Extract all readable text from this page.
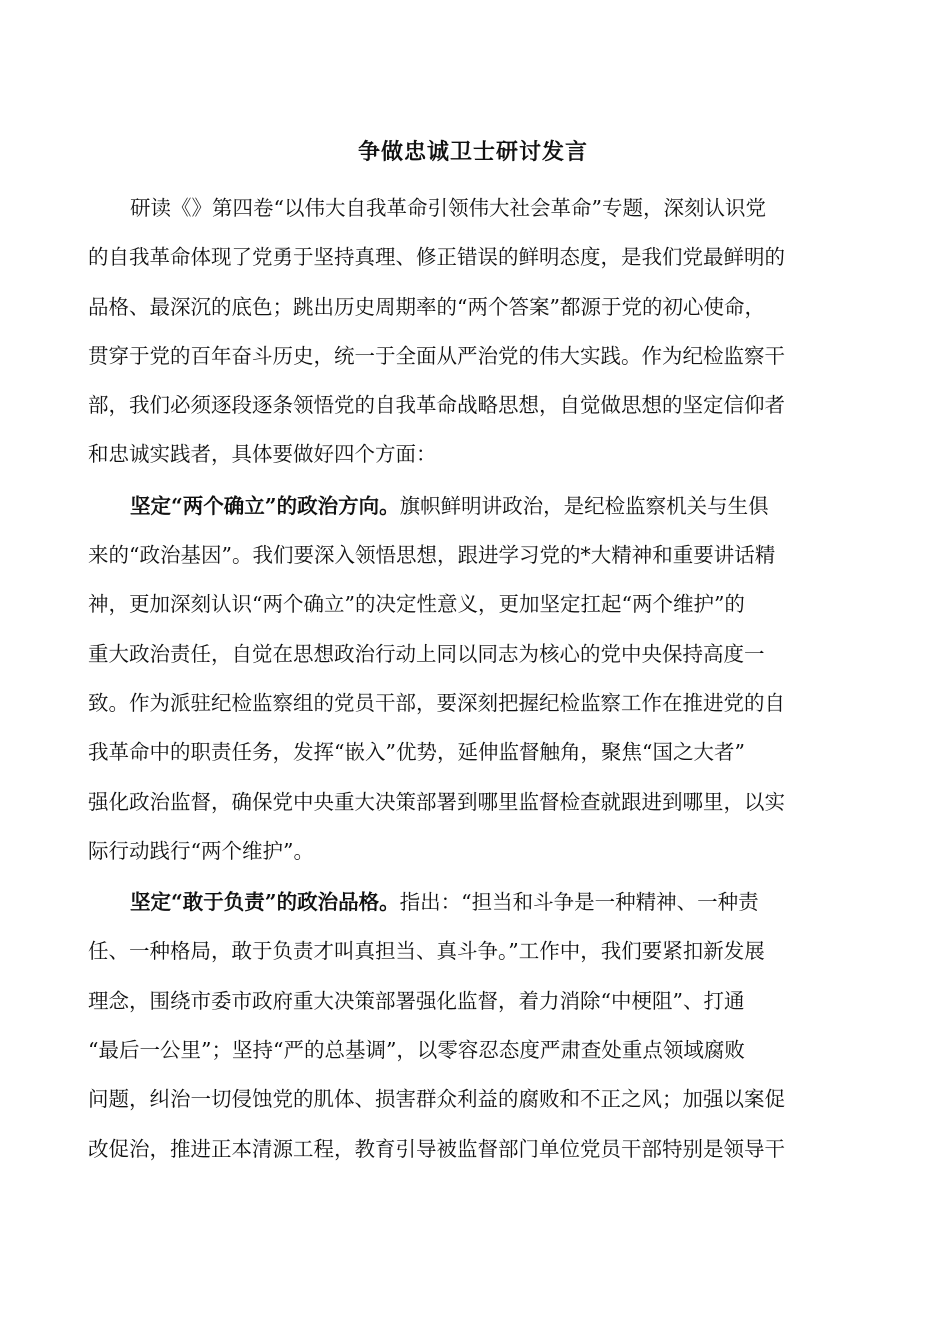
争做忠诚卫士研讨发言
研读《》第四卷“以伟大自我革命引领伟大社会革命”专题，深刻认识党
的自我革命体现了党勇于坚持真理、修正错误的鲜明态度，是我们党最鲜明的
品格、最深沉的底色；跳出历史周期率的“两个答案”都源于党的初心使命，
贯穿于党的百年奋斗历史，统一于全面从严治党的伟大实践。作为纪检监察干
部，我们必须逐段逐条领悟党的自我革命战略思想，自觉做思想的坚定信仰者
和忠诚实践者，具体要做好四个方面：
坚定“两个确立”的政治方向。旗帜鲜明讲政治，是纪检监察机关与生俱
来的“政治基因”。我们要深入领悟思想，跟进学习党的*大精神和重要讲话精
神，更加深刻认识“两个确立”的决定性意义，更加坚定扛起“两个维护”的
重大政治责任，自觉在思想政治行动上同以同志为核心的党中央保持高度一
致。作为派驻纪检监察组的党员干部，要深刻把握纪检监察工作在推进党的自
我革命中的职责任务，发挥“嵌入”优势，延伸监督触角，聚焦“国之大者”
强化政治监督，确保党中央重大决策部署到哪里监督检查就跟进到哪里，以实
际行动践行“两个维护”。
坚定“敢于负责”的政治品格。指出：“担当和斗争是一种精神、一种责
任、一种格局，敢于负责才叫真担当、真斗争。”工作中，我们要紧扣新发展
理念，围绕市委市政府重大决策部署强化监督，着力消除“中梗阻”、打通
“最后一公里”；坚持“严的总基调”，以零容忍态度严肃查处重点领域腐败
问题，纠治一切侵蚀党的肌体、损害群众利益的腐败和不正之风；加强以案促
改促治，推进正本清源工程，教育引导被监督部门单位党员干部特别是领导干
